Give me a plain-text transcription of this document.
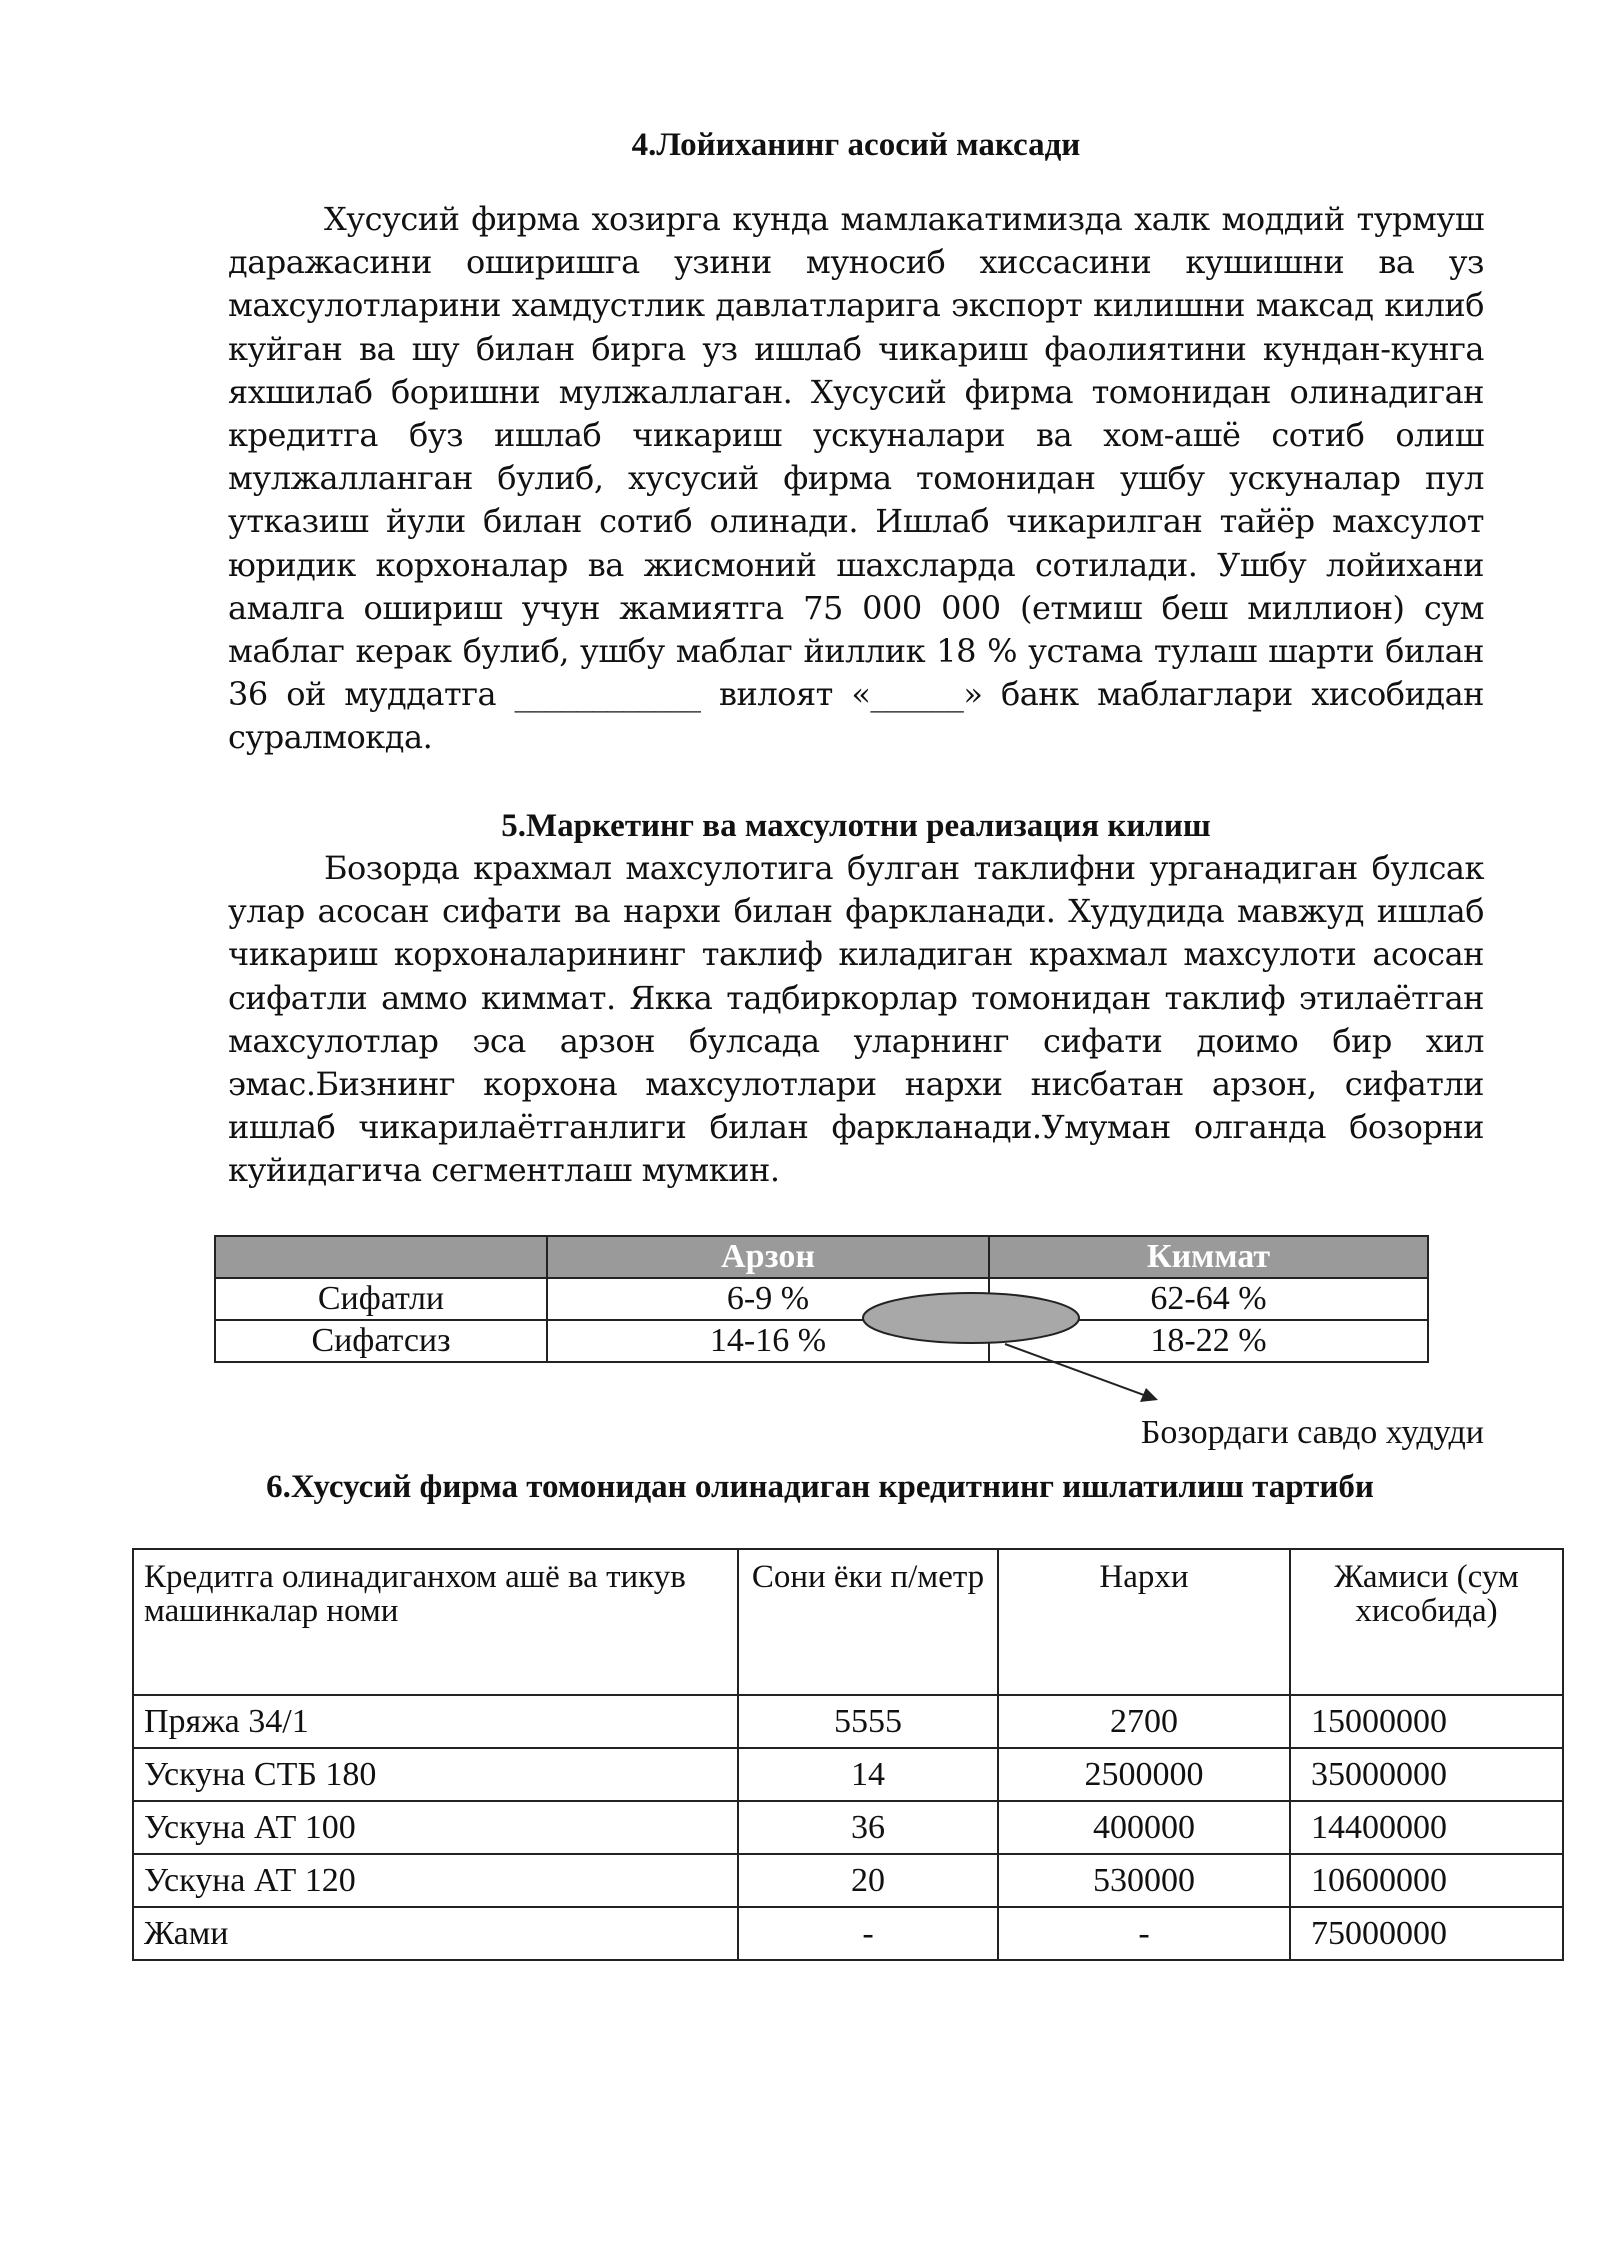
4.Лойиханинг асосий максади

Хусусий фирма хозирга кунда мамлакатимизда халк моддий турмуш даражасини оширишга узини муносиб хиссасини кушишни ва уз махсулотларини хамдустлик давлатларига экспорт килишни максад килиб куйган ва шу билан бирга уз ишлаб чикариш фаолиятини кундан-кунга яхшилаб боришни мулжаллаган. Хусусий фирма томонидан олинадиган кредитга буз ишлаб чикариш ускуналари ва хом-ашё сотиб олиш мулжалланган булиб, хусусий фирма томонидан ушбу ускуналар пул утказиш йули билан сотиб олинади. Ишлаб чикарилган тайёр махсулот юридик корхоналар ва жисмоний шахсларда сотилади. Ушбу лойихани амалга ошириш учун жамиятга 75 000 000 (етмиш беш миллион) сум маблаг керак булиб, ушбу маблаг йиллик 18 % устама тулаш шарти билан 36 ой муддатга ____________ вилоят «______» банк маблаглари хисобидан суралмокда.

5.Маркетинг ва махсулотни реализация килиш

Бозорда крахмал махсулотига булган таклифни урганадиган булсак улар асосан сифати ва нархи билан фаркланади. Худудида мавжуд ишлаб чикариш корхоналарининг таклиф киладиган крахмал махсулоти асосан сифатли аммо киммат. Якка тадбиркорлар томонидан таклиф этилаётган махсулотлар эса арзон булсада уларнинг сифати доимо бир хил эмас.Бизнинг корхона махсулотлари нархи нисбатан арзон, сифатли ишлаб чикарилаётганлиги билан фаркланади.Умуман олганда бозорни куйидагича сегментлаш мумкин.

	Арзон	Киммат
Сифатли	6-9 %	62-64 %
Сифатсиз	14-16 %	18-22 %
Бозордаги савдо худуди
6.Хусусий фирма томонидан олинадиган кредитнинг ишлатилиш тартиби
Кредитга олинадиганхом ашё ва тикув машинкалар номи	Сони ёки п/метр	Нархи	Жамиси (сум хисобида)
Пряжа 34/1	5555	2700	15000000
Ускуна СТБ 180	14	2500000	35000000
Ускуна АТ 100	36	400000	14400000
Ускуна АТ 120	20	530000	10600000
Жами	-	-	75000000
